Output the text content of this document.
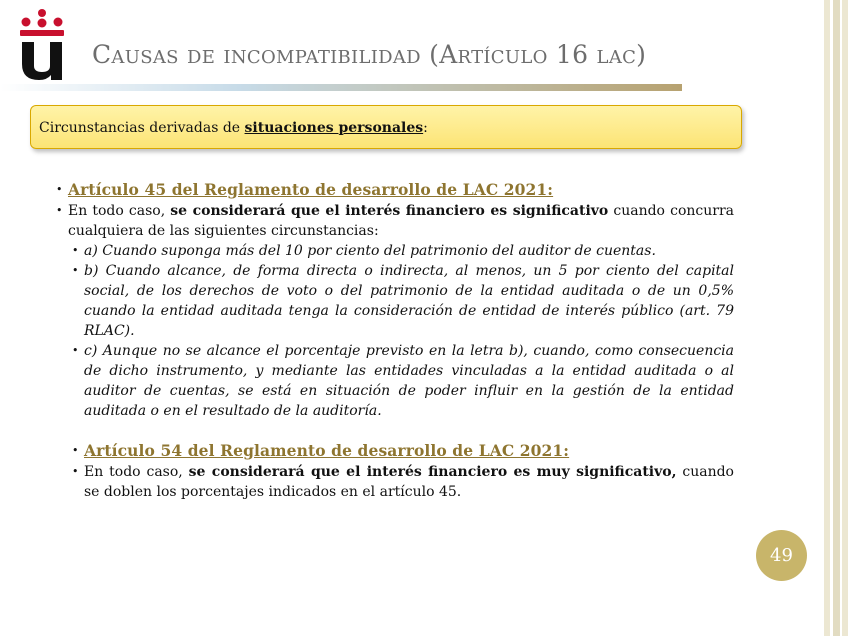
Causas de incompatibilidad (Artículo 16 lac)
Circunstancias derivadas de situaciones personales:
• Artículo 45 del Reglamento de desarrollo de LAC 2021:
• En todo caso, se considerará que el interés financiero es significativo cuando concurra cualquiera de las siguientes circunstancias:
• a) Cuando suponga más del 10 por ciento del patrimonio del auditor de cuentas.
• b) Cuando alcance, de forma directa o indirecta, al menos, un 5 por ciento del capital social, de los derechos de voto o del patrimonio de la entidad auditada o de un 0,5% cuando la entidad auditada tenga la consideración de entidad de interés público (art. 79 RLAC).
• c) Aunque no se alcance el porcentaje previsto en la letra b), cuando, como consecuencia de dicho instrumento, y mediante las entidades vinculadas a la entidad auditada o al auditor de cuentas, se está en situación de poder influir en la gestión de la entidad auditada o en el resultado de la auditoría.
• Artículo 54 del Reglamento de desarrollo de LAC 2021:
• En todo caso, se considerará que el interés financiero es muy significativo, cuando se doblen los porcentajes indicados en el artículo 45.
49
